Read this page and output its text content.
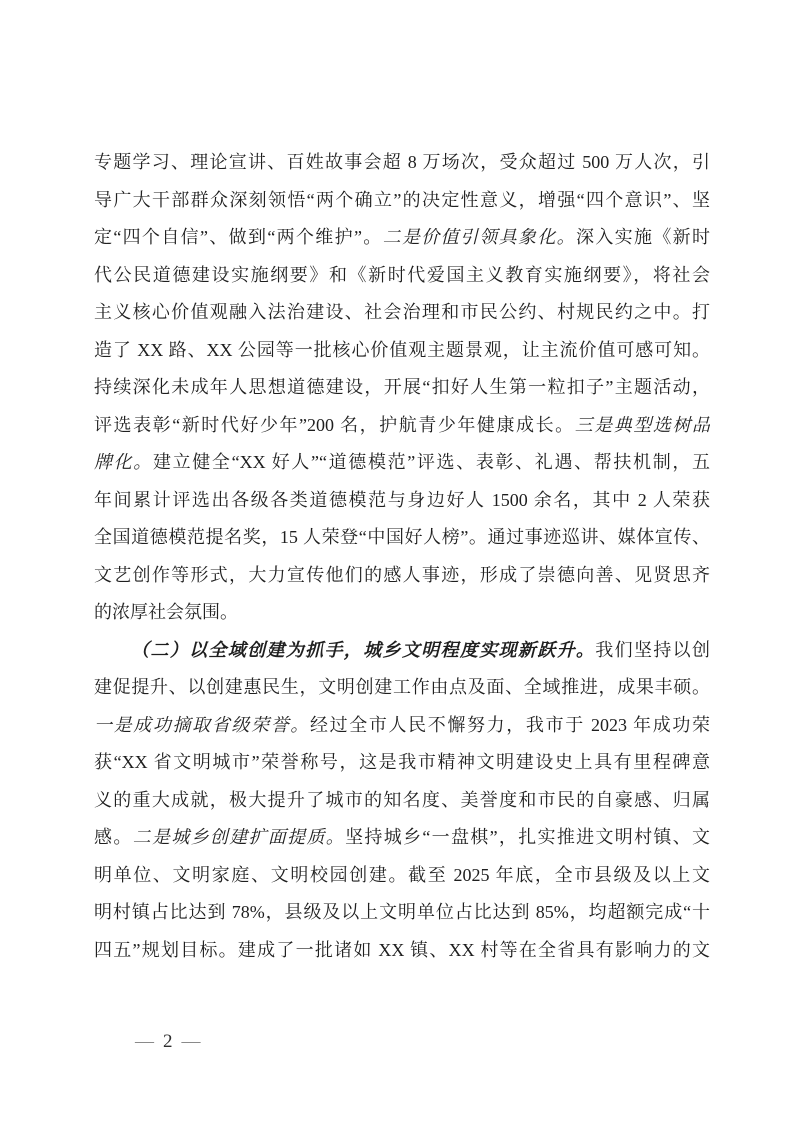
专题学习、理论宣讲、百姓故事会超 8 万场次，受众超过 500 万人次，引
导广大干部群众深刻领悟“两个确立”的决定性意义，增强“四个意识”、坚
定“四个自信”、做到“两个维护”。二是价值引领具象化。深入实施《新时
代公民道德建设实施纲要》和《新时代爱国主义教育实施纲要》，将社会
主义核心价值观融入法治建设、社会治理和市民公约、村规民约之中。打
造了 XX 路、XX 公园等一批核心价值观主题景观，让主流价值可感可知。
持续深化未成年人思想道德建设，开展“扣好人生第一粒扣子”主题活动，
评选表彰“新时代好少年”200 名，护航青少年健康成长。三是典型选树品
牌化。建立健全“XX 好人”“道德模范”评选、表彰、礼遇、帮扶机制，五
年间累计评选出各级各类道德模范与身边好人 1500 余名，其中 2 人荣获
全国道德模范提名奖，15 人荣登“中国好人榜”。通过事迹巡讲、媒体宣传、
文艺创作等形式，大力宣传他们的感人事迹，形成了崇德向善、见贤思齐
的浓厚社会氛围。
（二）以全域创建为抓手，城乡文明程度实现新跃升。我们坚持以创
建促提升、以创建惠民生，文明创建工作由点及面、全域推进，成果丰硕。
一是成功摘取省级荣誉。经过全市人民不懈努力，我市于 2023 年成功荣
获“XX 省文明城市”荣誉称号，这是我市精神文明建设史上具有里程碑意
义的重大成就，极大提升了城市的知名度、美誉度和市民的自豪感、归属
感。二是城乡创建扩面提质。坚持城乡“一盘棋”，扎实推进文明村镇、文
明单位、文明家庭、文明校园创建。截至 2025 年底，全市县级及以上文
明村镇占比达到 78%，县级及以上文明单位占比达到 85%，均超额完成“十
四五”规划目标。建成了一批诸如 XX 镇、XX 村等在全省具有影响力的文
— 2 —
